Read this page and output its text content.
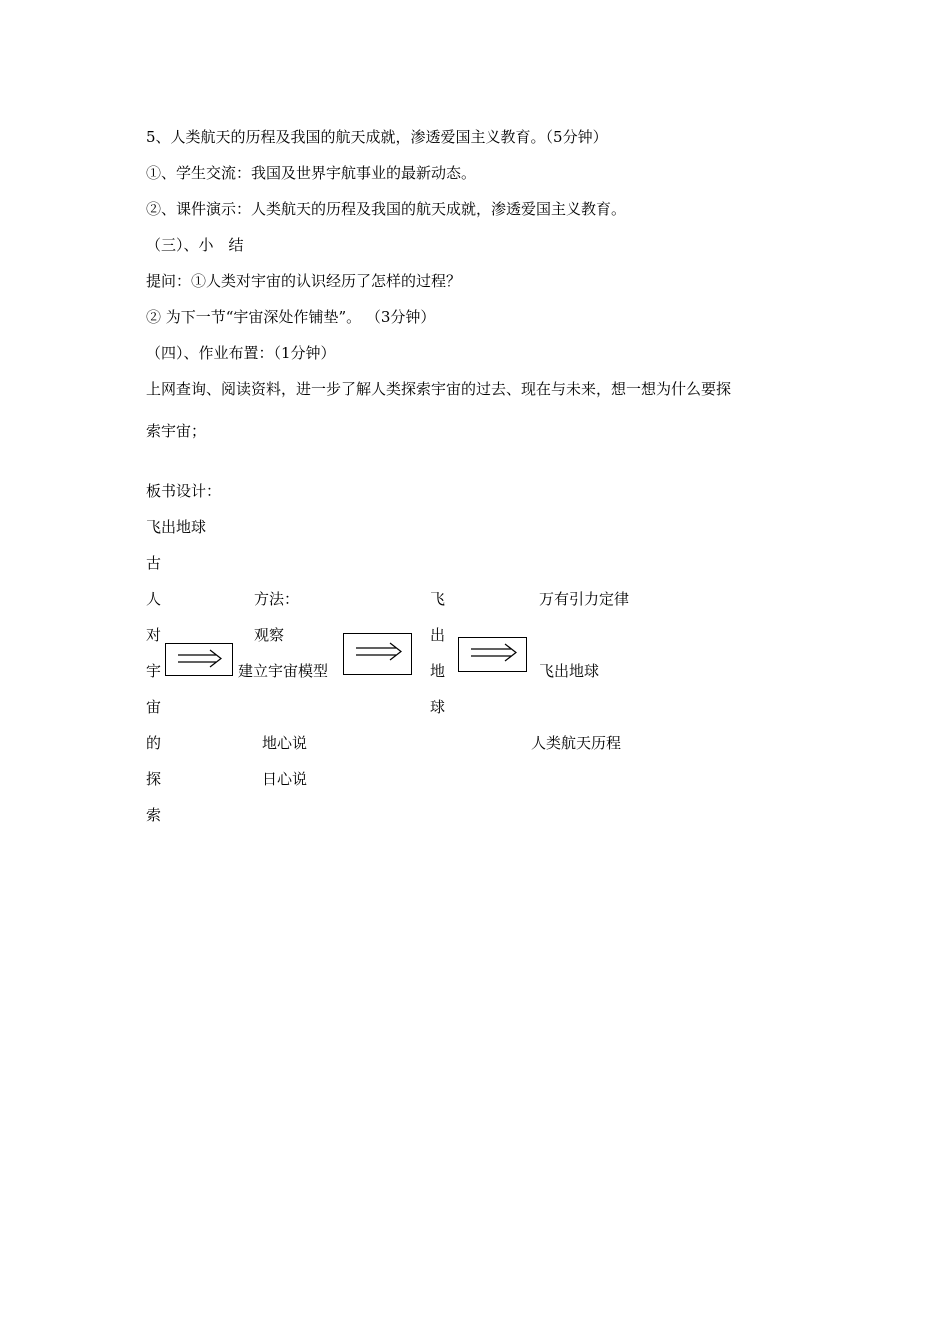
5、人类航天的历程及我国的航天成就，渗透爱国主义教育。（5分钟）
①、学生交流：我国及世界宇航事业的最新动态。
②、课件演示：人类航天的历程及我国的航天成就，渗透爱国主义教育。
（三）、小　结
提问：①人类对宇宙的认识经历了怎样的过程？
② 为下一节“宇宙深处作铺垫”。 （3分钟）
（四）、作业布置：（1分钟）
上网查询、阅读资料，进一步了解人类探索宇宙的过去、现在与未来，想一想为什么要探
索宇宙；
板书设计：
飞出地球
古
人
对
宇
宙
的
探
索
方法：
观察
建立宇宙模型
地心说
日心说
飞
出
地
球
万有引力定律
飞出地球
人类航天历程
